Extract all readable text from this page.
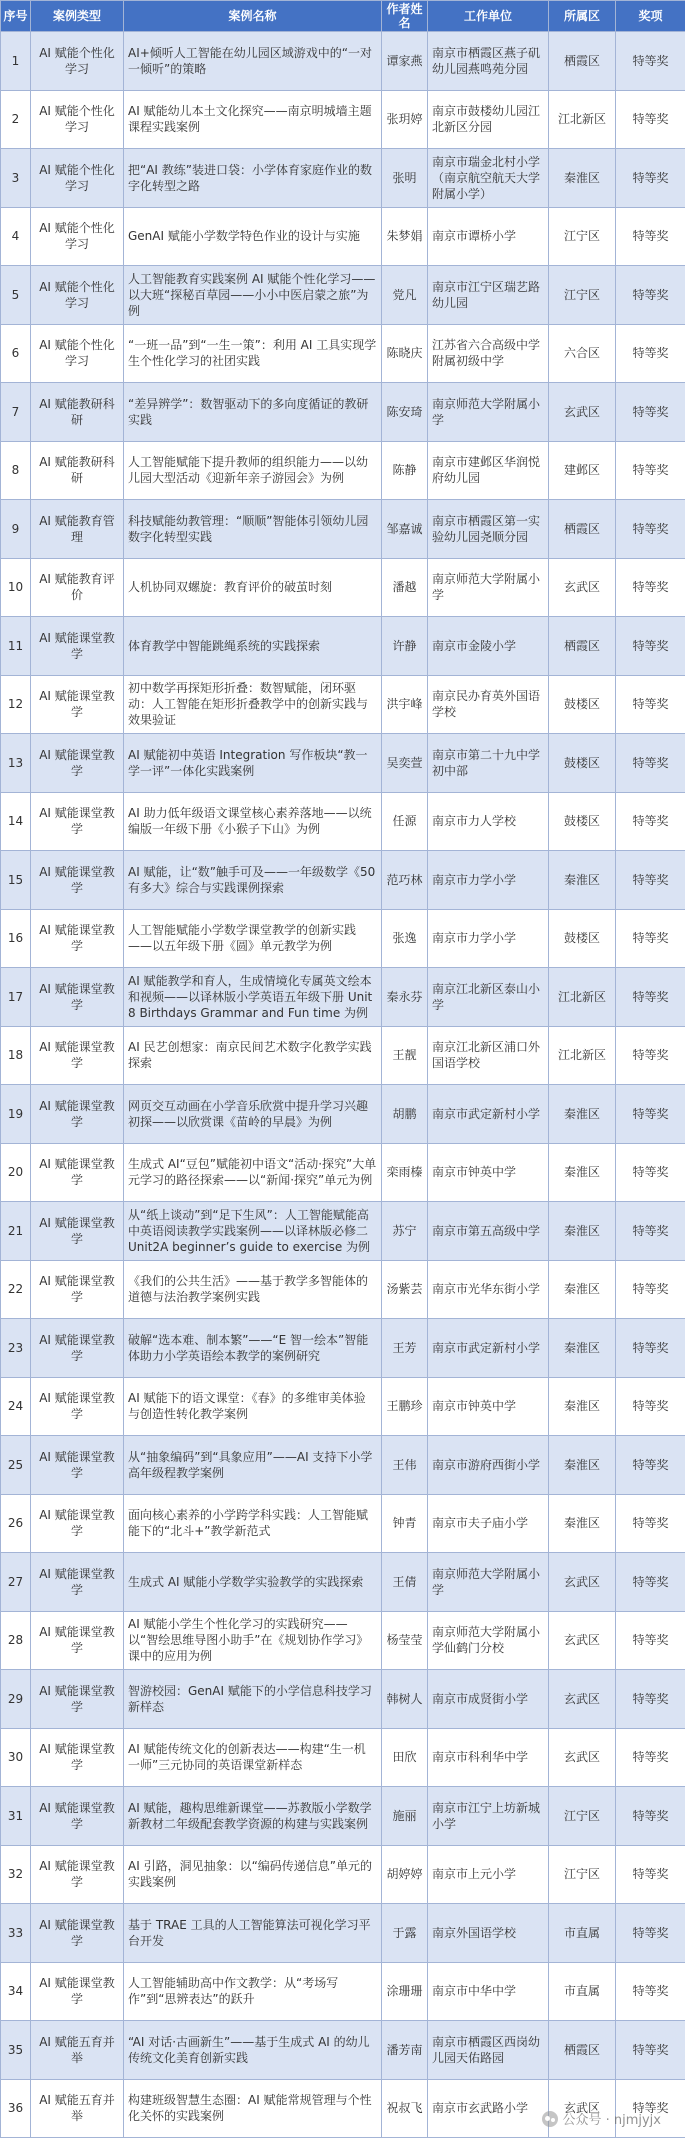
序号	案例类型	案例名称	作者姓名	工作单位	所属区	奖项
1	AI 赋能个性化学习	AI+倾听人工智能在幼儿园区域游戏中的“一对一倾听”的策略	谭家燕	南京市栖霞区燕子矶幼儿园燕鸣苑分园	栖霞区	特等奖
2	AI 赋能个性化学习	AI 赋能幼儿本土文化探究——南京明城墙主题课程实践案例	张玥婷	南京市鼓楼幼儿园江北新区分园	江北新区	特等奖
3	AI 赋能个性化学习	把“AI 教练”装进口袋：小学体育家庭作业的数字化转型之路	张明	南京市瑞金北村小学（南京航空航天大学附属小学）	秦淮区	特等奖
4	AI 赋能个性化学习	GenAI 赋能小学数学特色作业的设计与实施	朱梦娟	南京市谭桥小学	江宁区	特等奖
5	AI 赋能个性化学习	人工智能教育实践案例 AI 赋能个性化学习——以大班“探秘百草园——小小中医启蒙之旅”为例	党凡	南京市江宁区瑞艺路幼儿园	江宁区	特等奖
6	AI 赋能个性化学习	“一班一品”到“一生一策”：利用 AI 工具实现学生个性化学习的社团实践	陈晓庆	江苏省六合高级中学附属初级中学	六合区	特等奖
7	AI 赋能教研科研	“差异辨学”：数智驱动下的多向度循证的教研实践	陈安琦	南京师范大学附属小学	玄武区	特等奖
8	AI 赋能教研科研	人工智能赋能下提升教师的组织能力——以幼儿园大型活动《迎新年亲子游园会》为例	陈静	南京市建邺区华润悦府幼儿园	建邺区	特等奖
9	AI 赋能教育管理	科技赋能幼教管理：“顺顺”智能体引领幼儿园数字化转型实践	邹嘉诚	南京市栖霞区第一实验幼儿园尧顺分园	栖霞区	特等奖
10	AI 赋能教育评价	人机协同双螺旋：教育评价的破茧时刻	潘越	南京师范大学附属小学	玄武区	特等奖
11	AI 赋能课堂教学	体育教学中智能跳绳系统的实践探索	许静	南京市金陵小学	栖霞区	特等奖
12	AI 赋能课堂教学	初中数学再探矩形折叠：数智赋能，闭环驱动：人工智能在矩形折叠教学中的创新实践与效果验证	洪宇峰	南京民办育英外国语学校	鼓楼区	特等奖
13	AI 赋能课堂教学	AI 赋能初中英语 Integration 写作板块“教一学一评”一体化实践案例	吴奕萱	南京市第二十九中学初中部	鼓楼区	特等奖
14	AI 赋能课堂教学	AI 助力低年级语文课堂核心素养落地——以统编版一年级下册《小猴子下山》为例	任源	南京市力人学校	鼓楼区	特等奖
15	AI 赋能课堂教学	AI 赋能，让“数”触手可及——一年级数学《50 有多大》综合与实践课例探索	范巧林	南京市力学小学	秦淮区	特等奖
16	AI 赋能课堂教学	人工智能赋能小学数学课堂教学的创新实践——以五年级下册《圆》单元教学为例	张逸	南京市力学小学	鼓楼区	特等奖
17	AI 赋能课堂教学	AI 赋能教学和育人，生成情境化专属英文绘本和视频——以译林版小学英语五年级下册 Unit8 Birthdays Grammar and Fun time 为例	秦永芬	南京江北新区泰山小学	江北新区	特等奖
18	AI 赋能课堂教学	AI 民艺创想家：南京民间艺术数字化教学实践探索	王靓	南京江北新区浦口外国语学校	江北新区	特等奖
19	AI 赋能课堂教学	网页交互动画在小学音乐欣赏中提升学习兴趣初探——以欣赏课《苗岭的早晨》为例	胡鹏	南京市武定新村小学	秦淮区	特等奖
20	AI 赋能课堂教学	生成式 AI“豆包”赋能初中语文“活动·探究”大单元学习的路径探索——以“新闻·探究”单元为例	栾雨榛	南京市钟英中学	秦淮区	特等奖
21	AI 赋能课堂教学	从“纸上谈动”到“足下生风”：人工智能赋能高中英语阅读教学实践案例——以译林版必修二 Unit2A beginner’s guide to exercise 为例	苏宁	南京市第五高级中学	秦淮区	特等奖
22	AI 赋能课堂教学	《我们的公共生活》——基于教学多智能体的道德与法治教学案例实践	汤紫芸	南京市光华东街小学	秦淮区	特等奖
23	AI 赋能课堂教学	破解“选本难、制本繁”——“E 智一绘本”智能体助力小学英语绘本教学的案例研究	王芳	南京市武定新村小学	秦淮区	特等奖
24	AI 赋能课堂教学	AI 赋能下的语文课堂：《春》的多维审美体验与创造性转化教学案例	王鹏珍	南京市钟英中学	秦淮区	特等奖
25	AI 赋能课堂教学	从“抽象编码”到“具象应用”——AI 支持下小学高年级程教学案例	王伟	南京市游府西街小学	秦淮区	特等奖
26	AI 赋能课堂教学	面向核心素养的小学跨学科实践：人工智能赋能下的“北斗+”教学新范式	钟青	南京市夫子庙小学	秦淮区	特等奖
27	AI 赋能课堂教学	生成式 AI 赋能小学数学实验教学的实践探索	王倩	南京师范大学附属小学	玄武区	特等奖
28	AI 赋能课堂教学	AI 赋能小学生个性化学习的实践研究——以“智绘思维导图小助手”在《规划协作学习》课中的应用为例	杨莹莹	南京师范大学附属小学仙鹤门分校	玄武区	特等奖
29	AI 赋能课堂教学	智游校园：GenAI 赋能下的小学信息科技学习新样态	韩树人	南京市成贤街小学	玄武区	特等奖
30	AI 赋能课堂教学	AI 赋能传统文化的创新表达——构建“生一机一师”三元协同的英语课堂新样态	田欣	南京市科利华中学	玄武区	特等奖
31	AI 赋能课堂教学	AI 赋能，趣构思维新课堂——苏教版小学数学新教材二年级配套教学资源的构建与实践案例	施丽	南京市江宁上坊新城小学	江宁区	特等奖
32	AI 赋能课堂教学	AI 引路，洞见抽象：以“编码传递信息”单元的实践案例	胡婷婷	南京市上元小学	江宁区	特等奖
33	AI 赋能课堂教学	基于 TRAE 工具的人工智能算法可视化学习平台开发	于露	南京外国语学校	市直属	特等奖
34	AI 赋能课堂教学	人工智能辅助高中作文教学：从“考场写作”到“思辨表达”的跃升	涂珊珊	南京市中华中学	市直属	特等奖
35	AI 赋能五育并举	“AI 对话·古画新生”——基于生成式 AI 的幼儿传统文化美育创新实践	潘芳南	南京市栖霞区西岗幼儿园天佑路园	栖霞区	特等奖
36	AI 赋能五育并举	构建班级智慧生态圈：AI 赋能常规管理与个性化关怀的实践案例	祝叔飞	南京市玄武路小学	玄武区	特等奖
公众号 · njmjyjx
